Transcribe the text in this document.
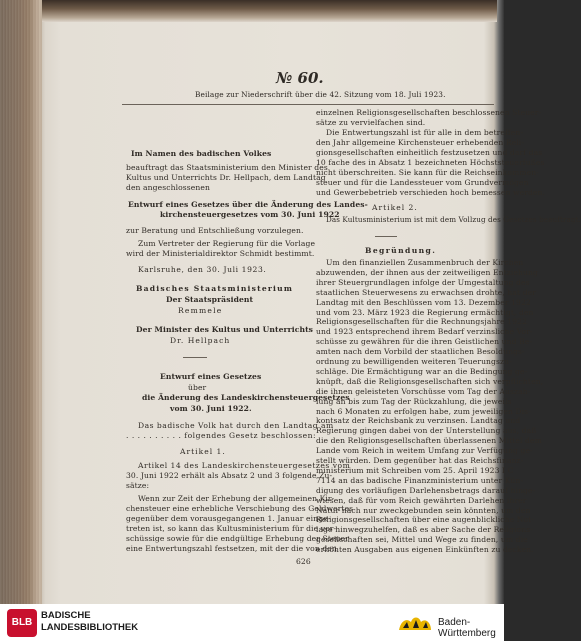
№ 60.
Beilage zur Niederschrift über die 42. Sitzung vom 18. Juli 1923.
Im Namen des badischen Volkes
beauftragt das Staatsministerium den Minister des
Kultus und Unterrichts Dr. Hellpach, dem Landtag
den angeschlossenen
Entwurf eines Gesetzes über die Änderung des Landes-
kirchensteuergesetzes vom 30. Juni 1922
zur Beratung und Entschließung vorzulegen.
Zum Vertreter der Regierung für die Vorlage
wird der Ministerialdirektor Schmidt bestimmt.
Karlsruhe, den 30. Juli 1923.
Badisches Staatsministerium
Der Staatspräsident
Remmele
Der Minister des Kultus und Unterrichts
Dr. Hellpach
Entwurf eines Gesetzes
über
die Änderung des Landeskirchensteuergesetzes
vom 30. Juni 1922.
Das badische Volk hat durch den Landtag am
. . . . . . . . . . folgendes Gesetz beschlossen:
Artikel 1.
Artikel 14 des Landeskirchensteuergesetzes vom
30. Juni 1922 erhält als Absatz 2 und 3 folgende Zu-
sätze:
Wenn zur Zeit der Erhebung der allgemeinen Kir-
chensteuer eine erhebliche Verschiebung des Geldwertes
gegenüber dem vorausgegangenen 1. Januar einge-
treten ist, so kann das Kultusministerium für die vor-
schüssige sowie für die endgültige Erhebung der Steuer
eine Entwertungszahl festsetzen, mit der die von den
einzelnen Religionsgesellschaften beschlossenen Steuer-
sätze zu vervielfachen sind.
Die Entwertungszahl ist für alle in dem betreffen-
den Jahr allgemeine Kirchensteuer erhebenden Reli-
gionsgesellschaften einheitlich festzusetzen und darf das
10 fache des in Absatz 1 bezeichneten Höchststeuerfußes
nicht überschreiten. Sie kann für die Reichseinkommen-
steuer und für die Landessteuer vom Grundvermögen
und Gewerbebetrieb verschieden hoch bemessen werden.
Artikel 2.
Das Kultusministerium ist mit dem Vollzug des Gesetzes beauftragt.
Begründung.
Um den finanziellen Zusammenbruch der Kirchen
abzuwenden, der ihnen aus der zeitweiligen Entziehung
ihrer Steuergrundlagen infolge der Umgestaltung des
staatlichen Steuerwesens zu erwachsen drohte, hat der
Landtag mit den Beschlüssen vom 13. Dezember 1922
und vom 23. März 1923 die Regierung ermächtigt, den
Religionsgesellschaften für die Rechnungsjahre 1922
und 1923 entsprechend ihrem Bedarf verzinsliche Vor-
schüsse zu gewähren für die ihren Geistlichen und Be-
amten nach dem Vorbild der staatlichen Besoldungs-
ordnung zu bewilligenden weiteren Teuerungszu-
schläge. Die Ermächtigung war an die Bedingung ge-
knüpft, daß die Religionsgesellschaften sich verpflichten,
die ihnen geleisteten Vorschüsse vom Tag der Auszah-
lung an bis zum Tag der Rückzahlung, die jeweils
nach 6 Monaten zu erfolgen habe, zum jeweiligen Dis-
kontsatz der Reichsbank zu verzinsen. Landtag und
Regierung gingen dabei von der Unterstellung aus, daß
die den Religionsgesellschaften überlassenen Mittel dem
Lande vom Reich in weitem Umfang zur Verfügung ge-
stellt würden. Dem gegenüber hat das Reichsfinanz-
ministerium mit Schreiben vom 25. April 1923 I C
7114 an das badische Finanzministerium unter Kün-
digung des vorläufigen Darlehensbetrags darauf hinge-
wiesen, daß für vom Reich gewährten Darlehen ihrer
Natur nach nur zweckgebunden sein könnten, um den
Religionsgesellschaften über eine augenblickliche Not-
lage hinwegzuhelfen, daß es aber Sache der Religions-
gesellschaften sei, Mittel und Wege zu finden, um die
erhöhten Ausgaben aus eigenen Einkünften zu decken.
626
BLB
BADISCHE
LANDESBIBLIOTHEK	Baden-Württemberg
